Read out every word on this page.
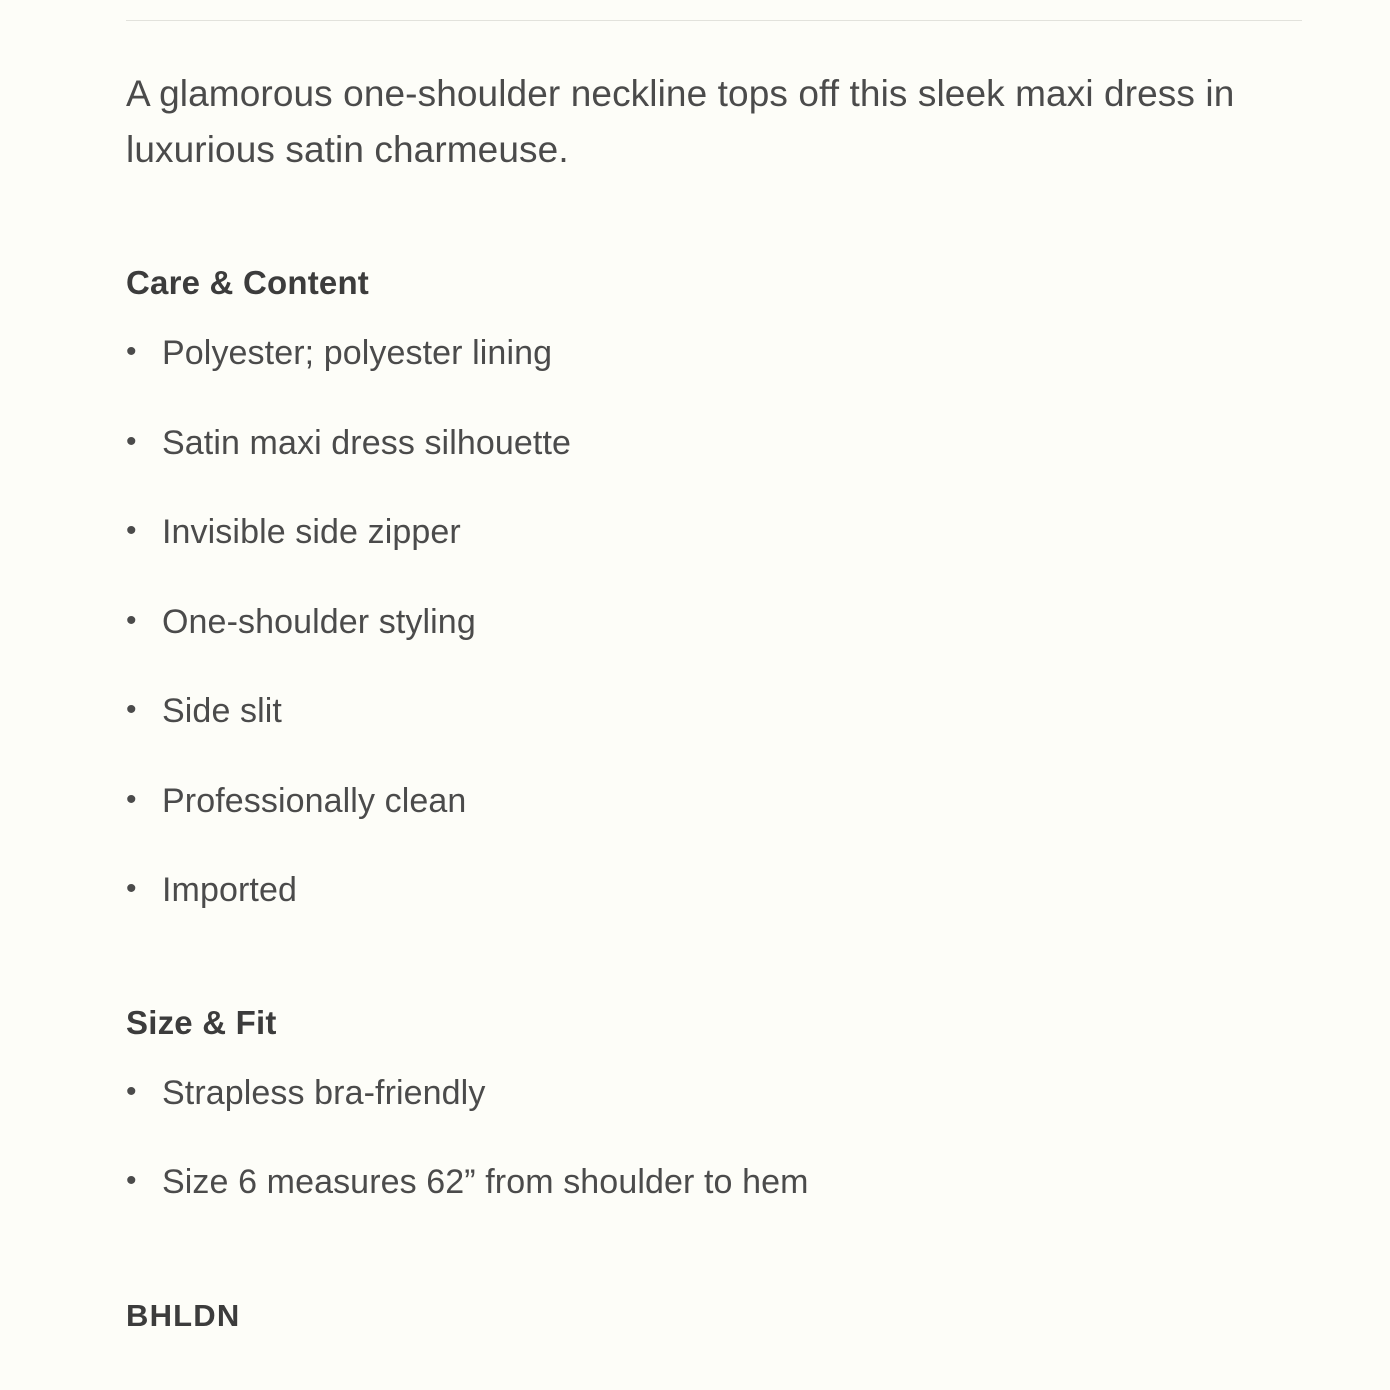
A glamorous one-shoulder neckline tops off this sleek maxi dress in luxurious satin charmeuse.

Care & Content
• Polyester; polyester lining
• Satin maxi dress silhouette
• Invisible side zipper
• One-shoulder styling
• Side slit
• Professionally clean
• Imported
Size & Fit
• Strapless bra-friendly
• Size 6 measures 62” from shoulder to hem
BHLDN
